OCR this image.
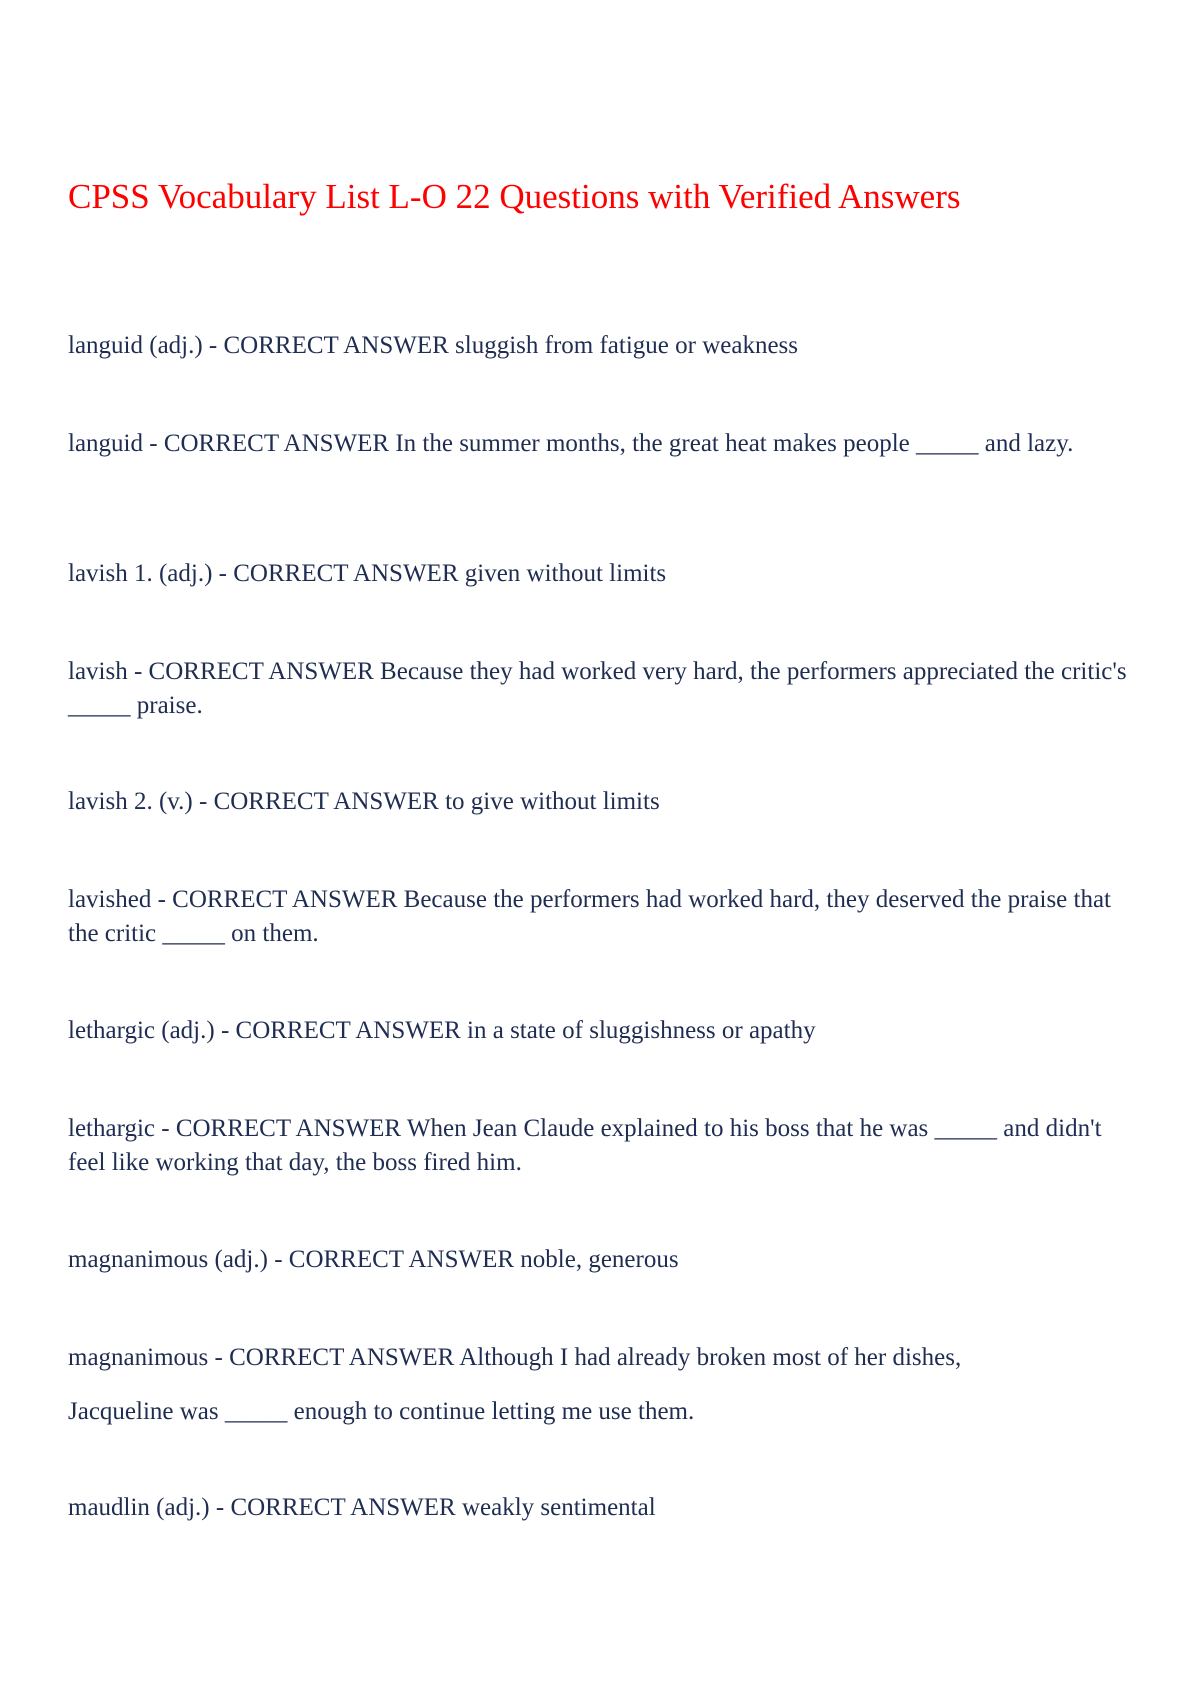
CPSS Vocabulary List L-O 22 Questions with Verified Answers

languid (adj.) - CORRECT ANSWER sluggish from fatigue or weakness

languid - CORRECT ANSWER In the summer months, the great heat makes people _____ and lazy.

lavish 1. (adj.) - CORRECT ANSWER given without limits

lavish - CORRECT ANSWER Because they had worked very hard, the performers appreciated the critic's _____ praise.

lavish 2. (v.) - CORRECT ANSWER to give without limits

lavished - CORRECT ANSWER Because the performers had worked hard, they deserved the praise that the critic _____ on them.

lethargic (adj.) - CORRECT ANSWER in a state of sluggishness or apathy

lethargic - CORRECT ANSWER When Jean Claude explained to his boss that he was _____ and didn't feel like working that day, the boss fired him.

magnanimous (adj.) - CORRECT ANSWER noble, generous

magnanimous - CORRECT ANSWER Although I had already broken most of her dishes, Jacqueline was _____ enough to continue letting me use them.

maudlin (adj.) - CORRECT ANSWER weakly sentimental
